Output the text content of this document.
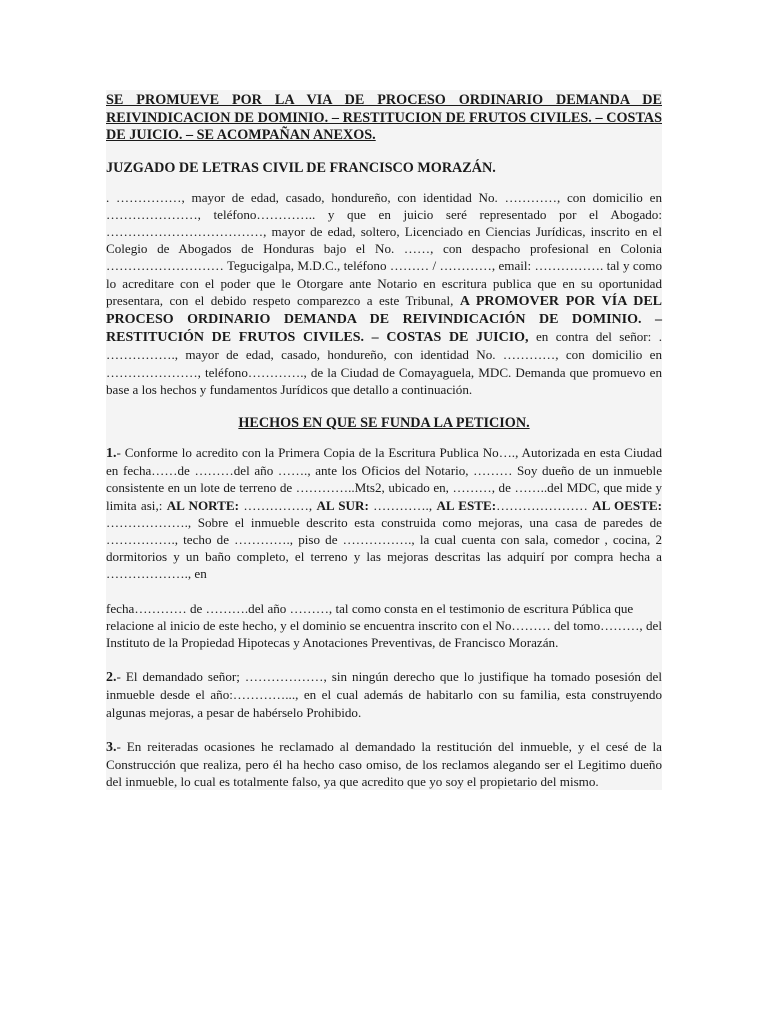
SE PROMUEVE POR LA VIA DE PROCESO ORDINARIO DEMANDA DE REIVINDICACION DE DOMINIO. – RESTITUCION DE FRUTOS CIVILES. – COSTAS DE JUICIO. – SE ACOMPAÑAN ANEXOS.
JUZGADO DE LETRAS CIVIL DE FRANCISCO MORAZÁN.

. ……………, mayor de edad, casado, hondureño, con identidad No. …………, con domicilio en …………………, teléfono………….. y que en juicio seré representado por el Abogado: ………………………………, mayor de edad, soltero, Licenciado en Ciencias Jurídicas, inscrito en el Colegio de Abogados de Honduras bajo el No. ……, con despacho profesional en Colonia ……………………… Tegucigalpa, M.D.C., teléfono ……… / …………, email: ……………. tal y como lo acreditare con el poder que le Otorgare ante Notario en escritura publica que en su oportunidad presentara, con el debido respeto comparezco a este Tribunal, A PROMOVER POR VÍA DEL PROCESO ORDINARIO DEMANDA DE REIVINDICACIÓN DE DOMINIO. – RESTITUCIÓN DE FRUTOS CIVILES. – COSTAS DE JUICIO, en contra del señor: . ……………., mayor de edad, casado, hondureño, con identidad No. …………, con domicilio en …………………, teléfono…………., de la Ciudad de Comayaguela, MDC. Demanda que promuevo en base a los hechos y fundamentos Jurídicos que detallo a continuación.

HECHOS EN QUE SE FUNDA LA PETICION.

1.- Conforme lo acredito con la Primera Copia de la Escritura Publica No…., Autorizada en esta Ciudad en fecha……de ………del año ……., ante los Oficios del Notario, ……… Soy dueño de un inmueble consistente en un lote de terreno de …………..Mts2, ubicado en, ………, de ……..del MDC, que mide y limita asi,: AL NORTE: ……………, AL SUR: …………., AL ESTE:………………… AL OESTE: ………………., Sobre el inmueble descrito esta construida como mejoras, una casa de paredes de ……………., techo de …………., piso de ……………., la cual cuenta con sala, comedor , cocina, 2 dormitorios y un baño completo, el terreno y las mejoras descritas las adquirí por compra hecha a ………………., en

fecha………… de ……….del año ………, tal como consta en el testimonio de escritura Pública que relacione al inicio de este hecho, y el dominio se encuentra inscrito con el No……… del tomo………, del Instituto de la Propiedad Hipotecas y Anotaciones Preventivas, de Francisco Morazán.

2.- El demandado señor; ………………, sin ningún derecho que lo justifique ha tomado posesión del inmueble desde el año:…………..., en el cual además de habitarlo con su familia, esta construyendo algunas mejoras, a pesar de habérselo Prohibido.

3.- En reiteradas ocasiones he reclamado al demandado la restitución del inmueble, y el cesé de la Construcción que realiza, pero él ha hecho caso omiso, de los reclamos alegando ser el Legitimo dueño del inmueble, lo cual es totalmente falso, ya que acredito que yo soy el propietario del mismo.
